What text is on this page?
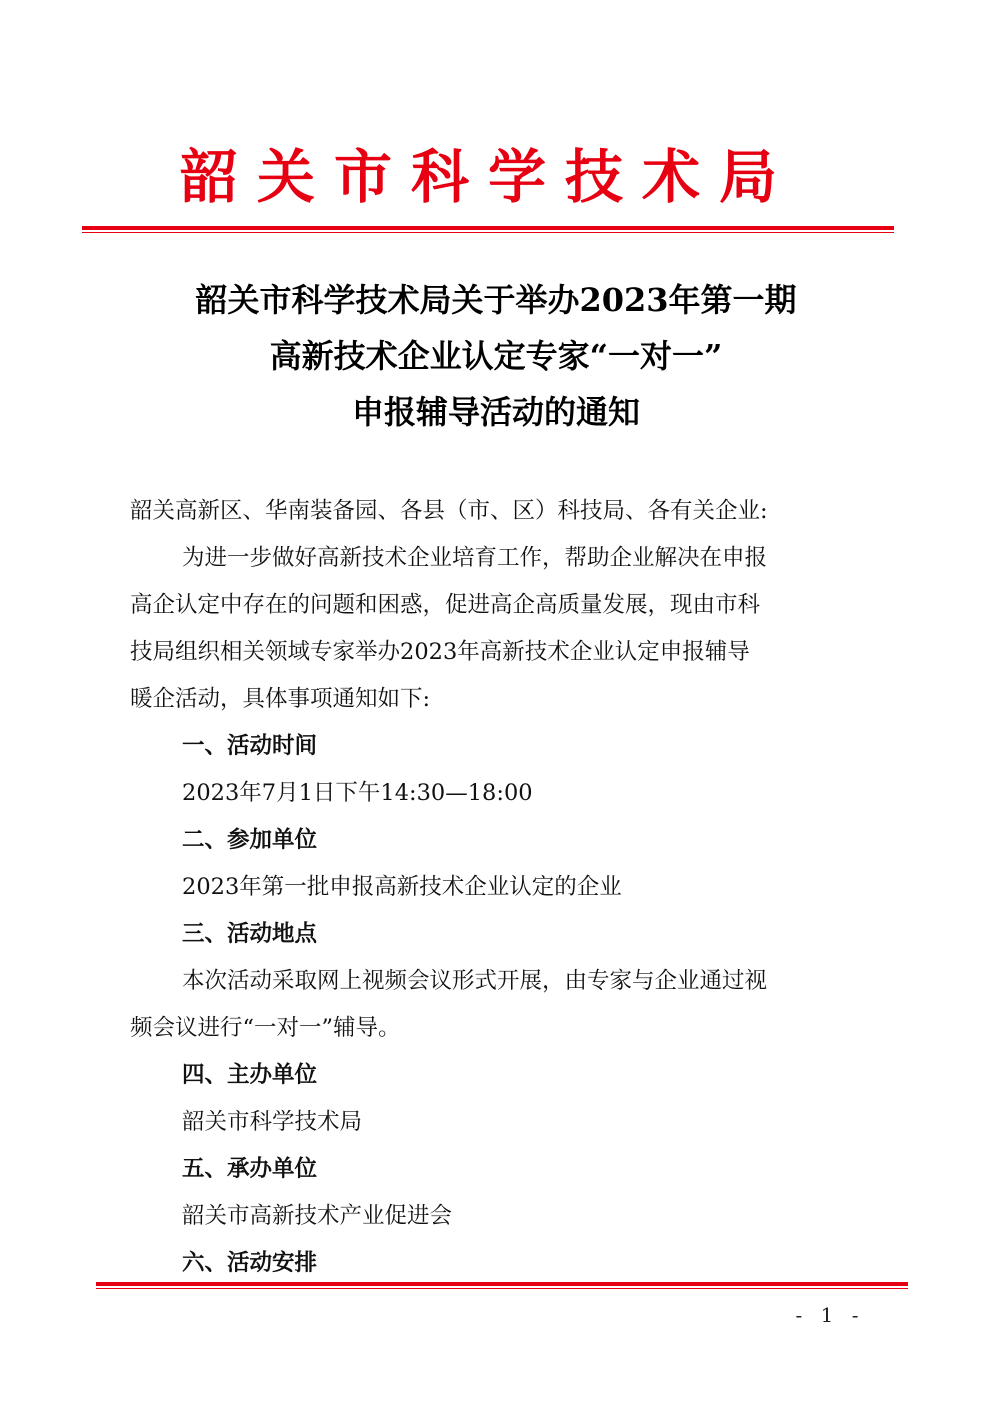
韶关市科学技术局
韶关市科学技术局关于举办2023年第一期
高新技术企业认定专家“一对一”
申报辅导活动的通知
韶关高新区、华南装备园、各县（市、区）科技局、各有关企业:
为进一步做好高新技术企业培育工作，帮助企业解决在申报
高企认定中存在的问题和困惑，促进高企高质量发展，现由市科
技局组织相关领域专家举办2023年高新技术企业认定申报辅导
暖企活动，具体事项通知如下:
一、活动时间
2023年7月1日下午14:30—18:00
二、参加单位
2023年第一批申报高新技术企业认定的企业
三、活动地点
本次活动采取网上视频会议形式开展，由专家与企业通过视
频会议进行“一对一”辅导。
四、主办单位
韶关市科学技术局
五、承办单位
韶关市高新技术产业促进会
六、活动安排
- 1 -
